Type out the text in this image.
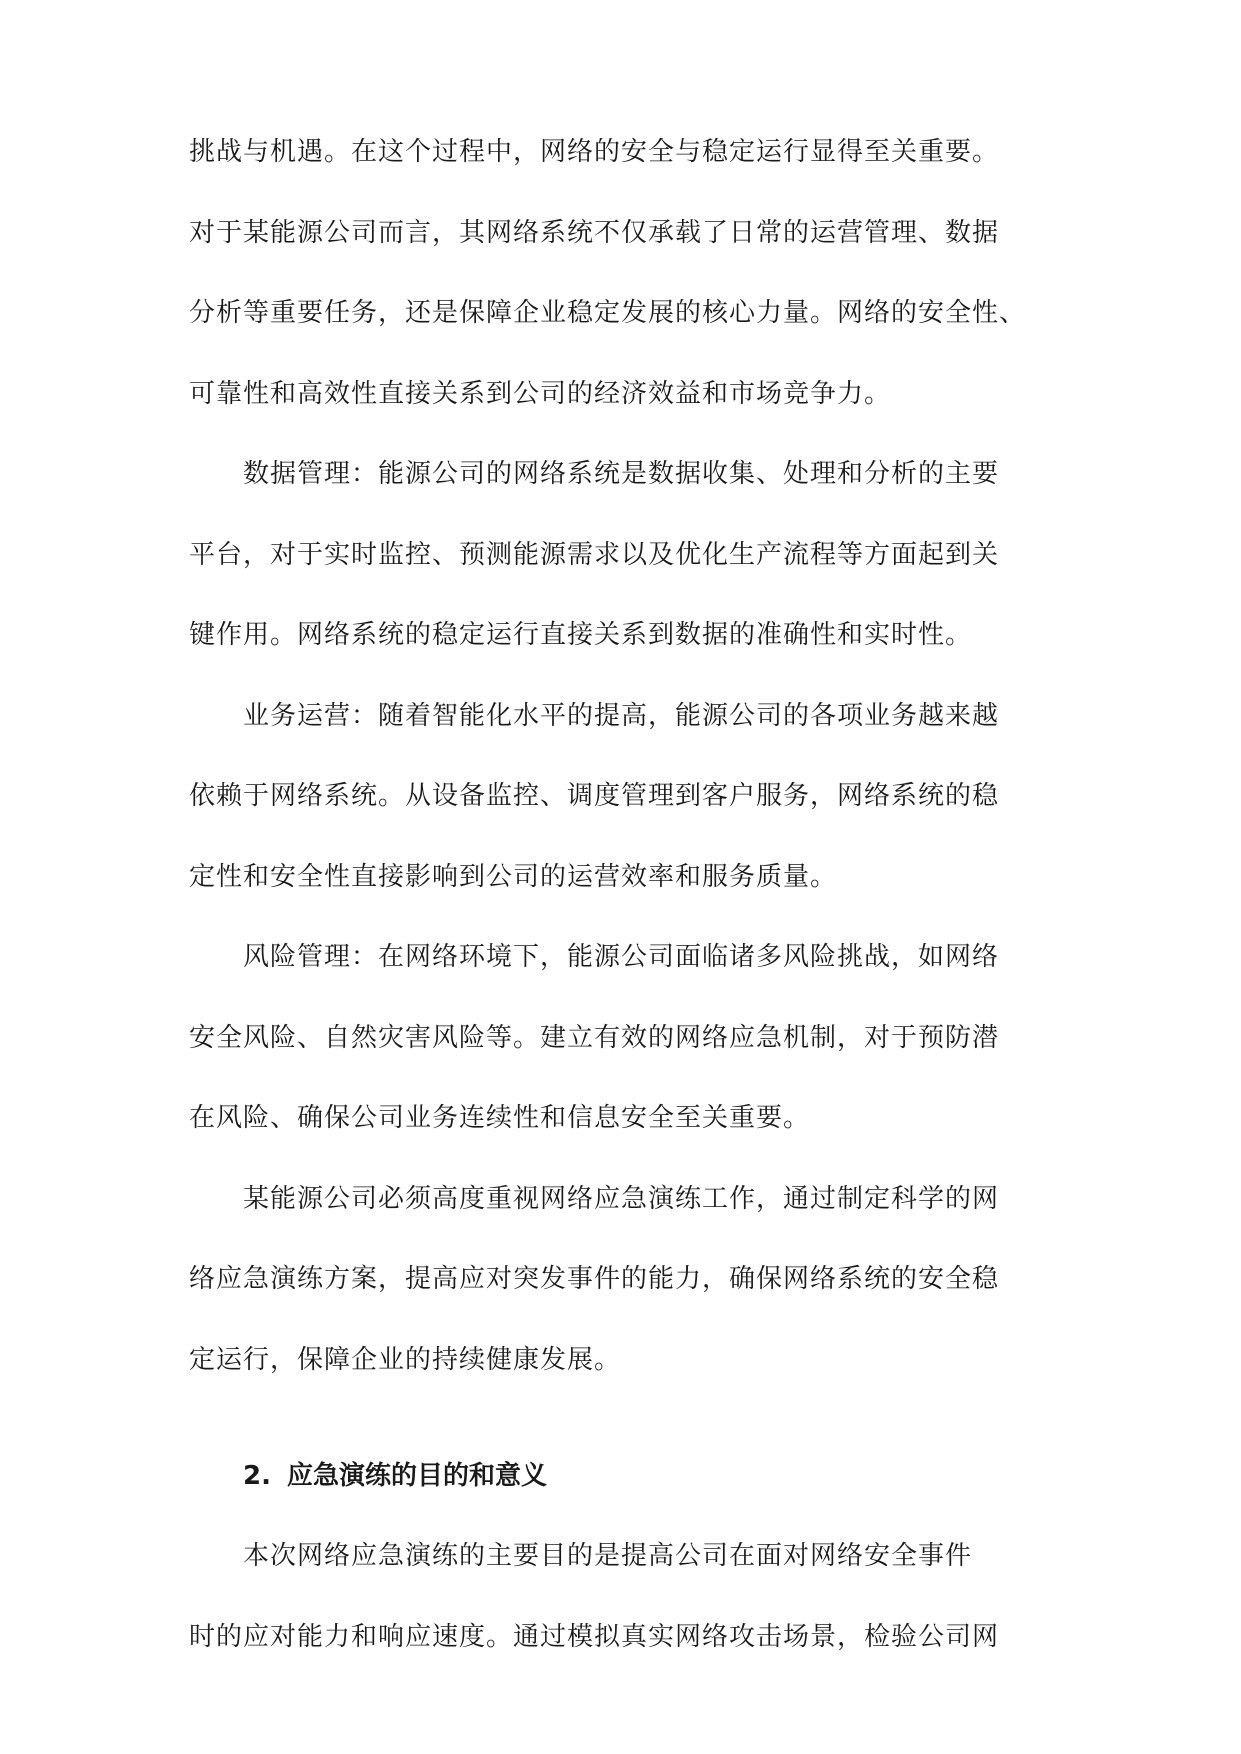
挑战与机遇。在这个过程中，网络的安全与稳定运行显得至关重要。
对于某能源公司而言，其网络系统不仅承载了日常的运营管理、数据
分析等重要任务，还是保障企业稳定发展的核心力量。网络的安全性、
可靠性和高效性直接关系到公司的经济效益和市场竞争力。
　　数据管理：能源公司的网络系统是数据收集、处理和分析的主要
平台，对于实时监控、预测能源需求以及优化生产流程等方面起到关
键作用。网络系统的稳定运行直接关系到数据的准确性和实时性。
　　业务运营：随着智能化水平的提高，能源公司的各项业务越来越
依赖于网络系统。从设备监控、调度管理到客户服务，网络系统的稳
定性和安全性直接影响到公司的运营效率和服务质量。
　　风险管理：在网络环境下，能源公司面临诸多风险挑战，如网络
安全风险、自然灾害风险等。建立有效的网络应急机制，对于预防潜
在风险、确保公司业务连续性和信息安全至关重要。
　　某能源公司必须高度重视网络应急演练工作，通过制定科学的网
络应急演练方案，提高应对突发事件的能力，确保网络系统的安全稳
定运行，保障企业的持续健康发展。
2. 应急演练的目的和意义
　　本次网络应急演练的主要目的是提高公司在面对网络安全事件
时的应对能力和响应速度。通过模拟真实网络攻击场景，检验公司网
